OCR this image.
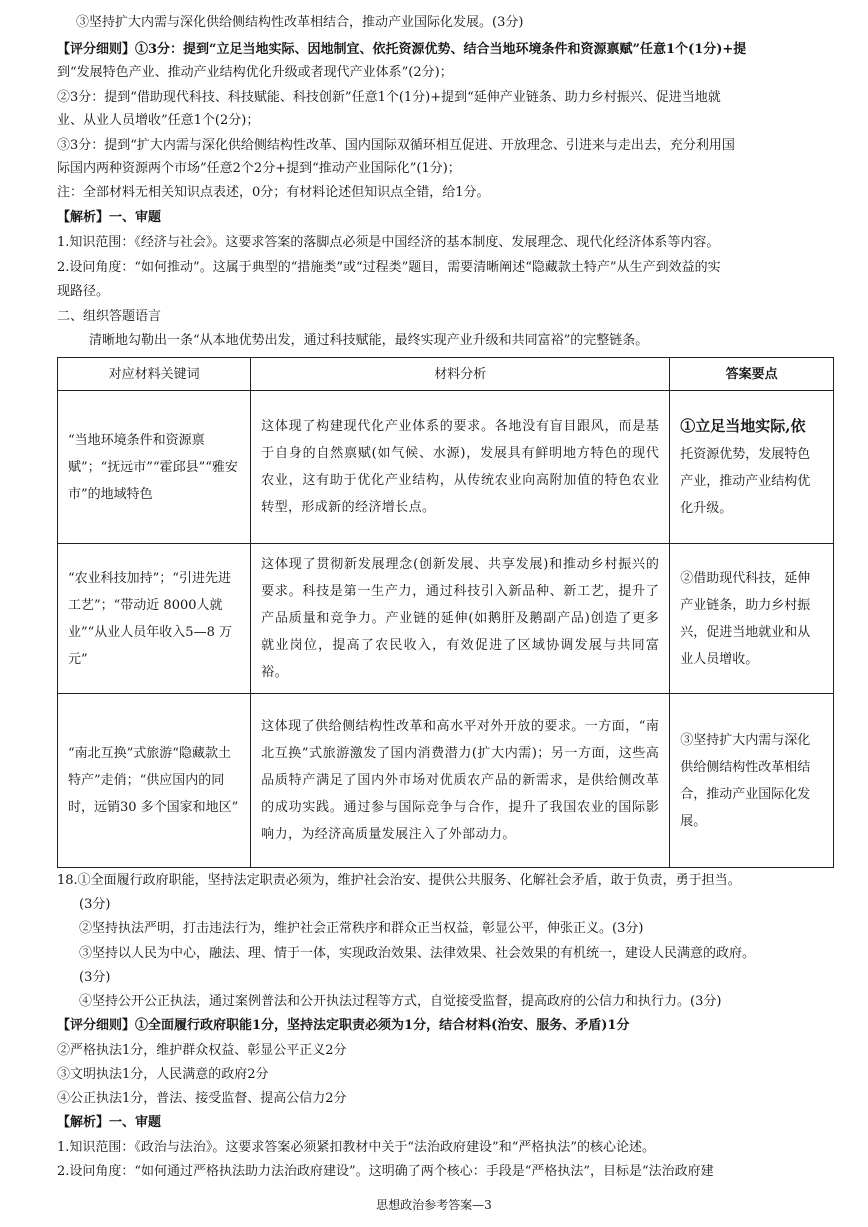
③坚持扩大内需与深化供给侧结构性改革相结合，推动产业国际化发展。(3分)
【评分细则】①3分：提到“立足当地实际、因地制宜、依托资源优势、结合当地环境条件和资源禀赋”任意1个(1分)+提
到“发展特色产业、推动产业结构优化升级或者现代产业体系”(2分)；
②3分：提到“借助现代科技、科技赋能、科技创新”任意1个(1分)+提到“延伸产业链条、助力乡村振兴、促进当地就
业、从业人员增收”任意1个(2分)；
③3分：提到“扩大内需与深化供给侧结构性改革、国内国际双循环相互促进、开放理念、引进来与走出去，充分利用国
际国内两种资源两个市场”任意2个2分+提到“推动产业国际化”(1分)；
注：全部材料无相关知识点表述，0分；有材料论述但知识点全错，给1分。
【解析】一、审题
1.知识范围：《经济与社会》。这要求答案的落脚点必须是中国经济的基本制度、发展理念、现代化经济体系等内容。
2.设问角度：“如何推动”。这属于典型的“措施类”或“过程类”题目，需要清晰阐述“隐藏款土特产”从生产到效益的实
现路径。
二、组织答题语言
清晰地勾勒出一条“从本地优势出发，通过科技赋能，最终实现产业升级和共同富裕”的完整链条。
对应材料关键词	材料分析	答案要点
“当地环境条件和资源禀赋”；“抚远市”“霍邱县”“雅安市”的地域特色	这体现了构建现代化产业体系的要求。各地没有盲目跟风，而是基于自身的自然禀赋(如气候、水源)，发展具有鲜明地方特色的现代农业，这有助于优化产业结构，从传统农业向高附加值的特色农业转型，形成新的经济增长点。	①立足当地实际,依
托资源优势，发展特色产业，推动产业结构优化升级。
“农业科技加持”；“引进先进工艺”；“带动近 8000人就业”“从业人员年收入5—8 万元”	这体现了贯彻新发展理念(创新发展、共享发展)和推动乡村振兴的要求。科技是第一生产力，通过科技引入新品种、新工艺，提升了产品质量和竞争力。产业链的延伸(如鹅肝及鹅副产品)创造了更多就业岗位，提高了农民收入，有效促进了区域协调发展与共同富裕。	②借助现代科技，延伸产业链条，助力乡村振兴，促进当地就业和从业人员增收。
“南北互换”式旅游“隐藏款土特产”走俏；“供应国内的同时，远销30 多个国家和地区”	这体现了供给侧结构性改革和高水平对外开放的要求。一方面，“南北互换”式旅游激发了国内消费潜力(扩大内需)；另一方面，这些高品质特产满足了国内外市场对优质农产品的新需求，是供给侧改革的成功实践。通过参与国际竞争与合作，提升了我国农业的国际影响力，为经济高质量发展注入了外部动力。	③坚持扩大内需与深化供给侧结构性改革相结合，推动产业国际化发展。
18.①全面履行政府职能，坚持法定职责必须为，维护社会治安、提供公共服务、化解社会矛盾，敢于负责，勇于担当。
(3分)
②坚持执法严明，打击违法行为，维护社会正常秩序和群众正当权益，彰显公平，伸张正义。(3分)
③坚持以人民为中心，融法、理、情于一体，实现政治效果、法律效果、社会效果的有机统一，建设人民满意的政府。
(3分)
④坚持公开公正执法，通过案例普法和公开执法过程等方式，自觉接受监督，提高政府的公信力和执行力。(3分)
【评分细则】①全面履行政府职能1分，坚持法定职责必须为1分，结合材料(治安、服务、矛盾)1分
②严格执法1分，维护群众权益、彰显公平正义2分
③文明执法1分，人民满意的政府2分
④公正执法1分，普法、接受监督、提高公信力2分
【解析】一、审题
1.知识范围：《政治与法治》。这要求答案必须紧扣教材中关于“法治政府建设”和“严格执法”的核心论述。
2.设问角度：“如何通过严格执法助力法治政府建设”。这明确了两个核心：手段是“严格执法”，目标是“法治政府建
思想政治参考答案—3
